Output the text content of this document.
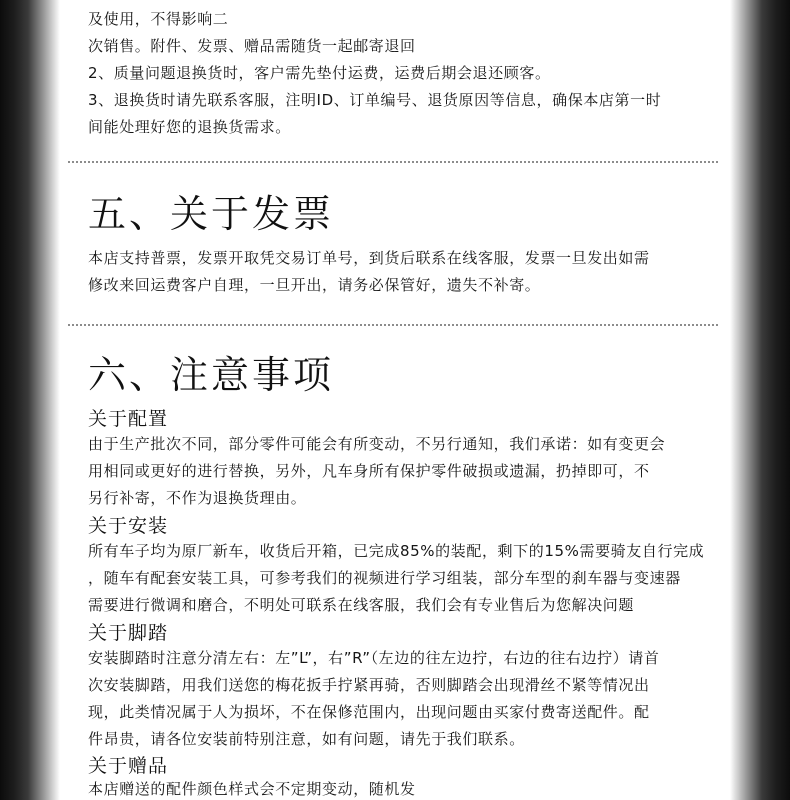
及使用，不得影响二
次销售。附件、发票、赠品需随货一起邮寄退回
2、质量问题退换货时，客户需先垫付运费，运费后期会退还顾客。
3、退换货时请先联系客服，注明ID、订单编号、退货原因等信息，确保本店第一时
间能处理好您的退换货需求。
五、关于发票
本店支持普票，发票开取凭交易订单号，到货后联系在线客服，发票一旦发出如需
修改来回运费客户自理，一旦开出，请务必保管好，遗失不补寄。
六、注意事项
关于配置
由于生产批次不同，部分零件可能会有所变动，不另行通知，我们承诺：如有变更会
用相同或更好的进行替换，另外，凡车身所有保护零件破损或遗漏，扔掉即可，不
另行补寄，不作为退换货理由。
关于安装
所有车子均为原厂新车，收货后开箱，已完成85%的装配，剩下的15%需要骑友自行完成
，随车有配套安装工具，可参考我们的视频进行学习组装，部分车型的刹车器与变速器
需要进行微调和磨合，不明处可联系在线客服，我们会有专业售后为您解决问题
关于脚踏
安装脚踏时注意分清左右：左”L”，右”R”（左边的往左边拧，右边的往右边拧）请首
次安装脚踏，用我们送您的梅花扳手拧紧再骑，否则脚踏会出现滑丝不紧等情况出
现，此类情况属于人为损坏，不在保修范围内，出现问题由买家付费寄送配件。配
件昂贵，请各位安装前特别注意，如有问题，请先于我们联系。
关于赠品
本店赠送的配件颜色样式会不定期变动，随机发
